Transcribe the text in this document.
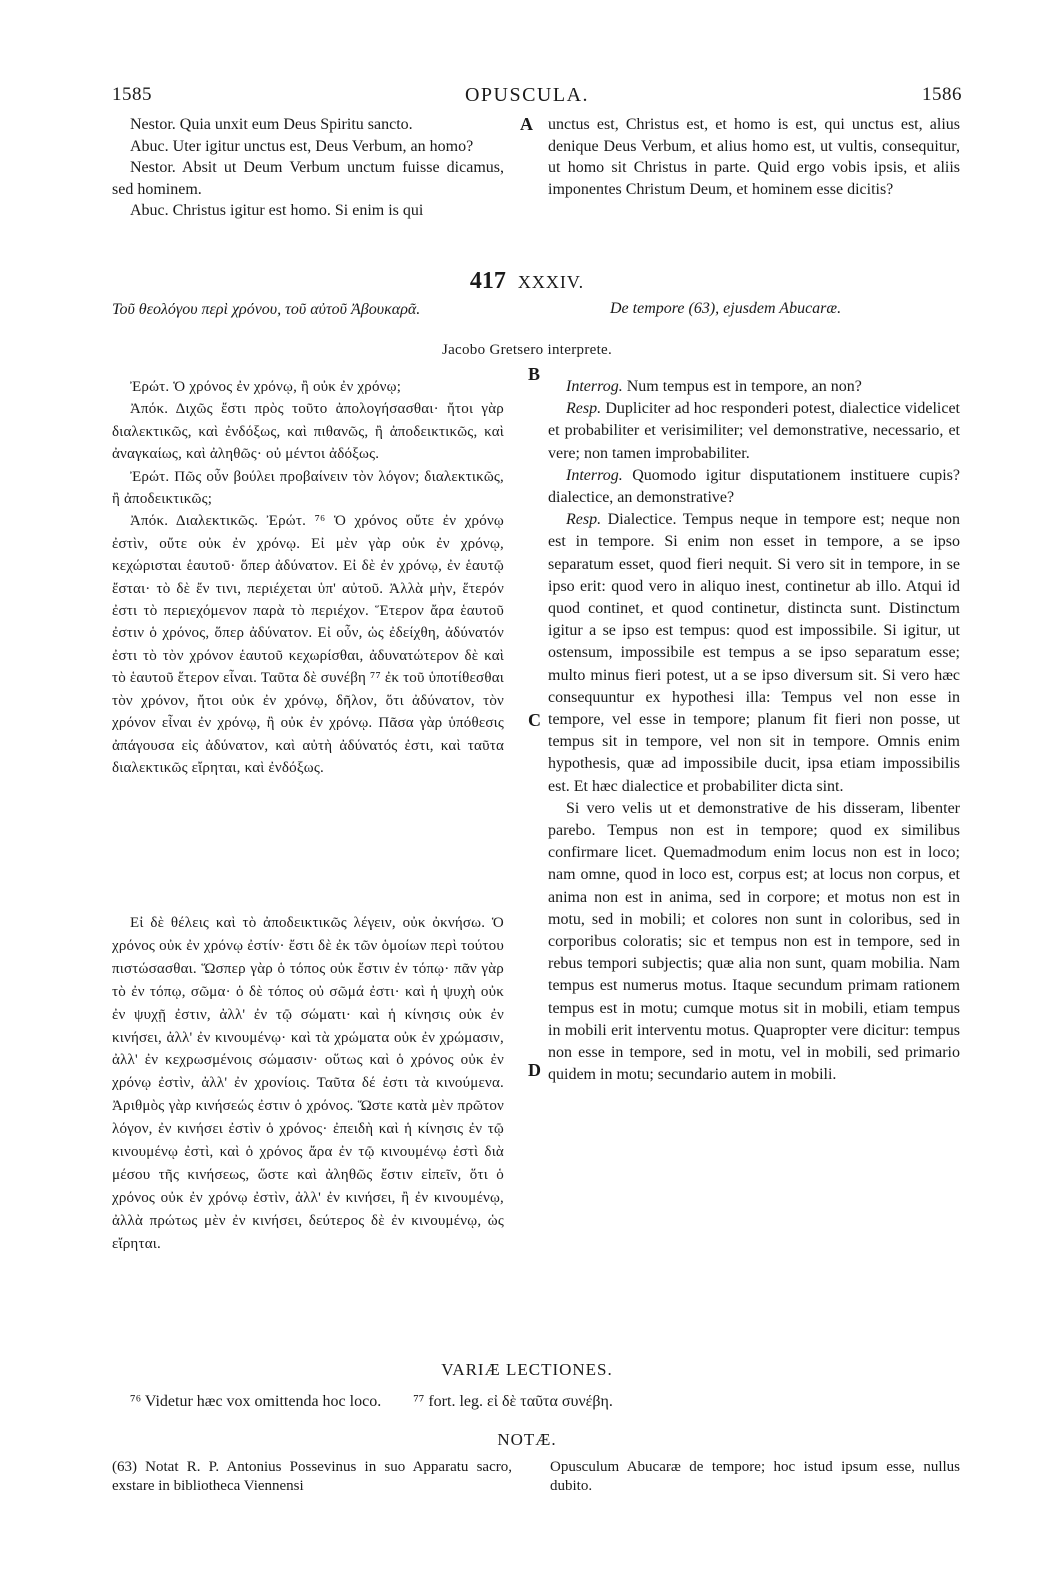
1585	OPUSCULA.	1586

Nestor. Quia unxit eum Deus Spiritu sancto.

Abuc. Uter igitur unctus est, Deus Verbum, an homo?

Nestor. Absit ut Deum Verbum unctum fuisse dicamus, sed hominem.

Abuc. Christus igitur est homo. Si enim is qui

A unctus est, Christus est, et homo is est, qui unctus est, alius denique Deus Verbum, et alius homo est, ut vultis, consequitur, ut homo sit Christus in parte. Quid ergo vobis ipsis, et aliis imponentes Christum Deum, et hominem esse dicitis?

417 XXXIV.
Τοῦ θεολόγου περὶ χρόνου, τοῦ αὐτοῦ Ἀβουκαρᾶ.	De tempore (63), ejusdem Abucaræ.
Jacobo Gretsero interprete.
B
C
D

Ἐρώτ. Ὁ χρόνος ἐν χρόνῳ, ἢ οὐκ ἐν χρόνῳ;

Ἀπόκ. Διχῶς ἔστι πρὸς τοῦτο ἀπολογήσασθαι· ἤτοι γὰρ διαλεκτικῶς, καὶ ἐνδόξως, καὶ πιθανῶς, ἢ ἀποδεικτικῶς, καὶ ἀναγκαίως, καὶ ἀληθῶς· οὐ μέντοι ἀδόξως.

Ἐρώτ. Πῶς οὖν βούλει προβαίνειν τὸν λόγον; διαλεκτικῶς, ἢ ἀποδεικτικῶς;

Ἀπόκ. Διαλεκτικῶς. Ἐρώτ. ⁷⁶ Ὁ χρόνος οὔτε ἐν χρόνῳ ἐστὶν, οὔτε οὐκ ἐν χρόνῳ. Εἰ μὲν γὰρ οὐκ ἐν χρόνῳ, κεχώρισται ἑαυτοῦ· ὅπερ ἀδύνατον. Εἰ δὲ ἐν χρόνῳ, ἐν ἑαυτῷ ἔσται· τὸ δὲ ἔν τινι, περιέχεται ὑπ' αὐτοῦ. Ἀλλὰ μὴν, ἕτερόν ἐστι τὸ περιεχόμενον παρὰ τὸ περιέχον. Ἕτερον ἄρα ἑαυτοῦ ἐστιν ὁ χρόνος, ὅπερ ἀδύνατον. Εἰ οὖν, ὡς ἐδείχθη, ἀδύνατόν ἐστι τὸ τὸν χρόνον ἑαυτοῦ κεχωρίσθαι, ἀδυνατώτερον δὲ καὶ τὸ ἑαυτοῦ ἕτερον εἶναι. Ταῦτα δὲ συνέβη ⁷⁷ ἐκ τοῦ ὑποτίθεσθαι τὸν χρόνον, ἤτοι οὐκ ἐν χρόνῳ, δῆλον, ὅτι ἀδύνατον, τὸν χρόνον εἶναι ἐν χρόνῳ, ἢ οὐκ ἐν χρόνῳ. Πᾶσα γὰρ ὑπόθεσις ἀπάγουσα εἰς ἀδύνατον, καὶ αὐτὴ ἀδύνατός ἐστι, καὶ ταῦτα διαλεκτικῶς εἴρηται, καὶ ἐνδόξως.

Εἰ δὲ θέλεις καὶ τὸ ἀποδεικτικῶς λέγειν, οὐκ ὀκνήσω. Ὁ χρόνος οὐκ ἐν χρόνῳ ἐστίν· ἔστι δὲ ἐκ τῶν ὁμοίων περὶ τούτου πιστώσασθαι. Ὥσπερ γὰρ ὁ τόπος οὐκ ἔστιν ἐν τόπῳ· πᾶν γὰρ τὸ ἐν τόπῳ, σῶμα· ὁ δὲ τόπος οὐ σῶμά ἐστι· καὶ ἡ ψυχὴ οὐκ ἐν ψυχῇ ἐστιν, ἀλλ' ἐν τῷ σώματι· καὶ ἡ κίνησις οὐκ ἐν κινήσει, ἀλλ' ἐν κινουμένῳ· καὶ τὰ χρώματα οὐκ ἐν χρώμασιν, ἀλλ' ἐν κεχρωσμένοις σώμασιν· οὕτως καὶ ὁ χρόνος οὐκ ἐν χρόνῳ ἐστὶν, ἀλλ' ἐν χρονίοις. Ταῦτα δέ ἐστι τὰ κινούμενα. Ἀριθμὸς γὰρ κινήσεώς ἐστιν ὁ χρόνος. Ὥστε κατὰ μὲν πρῶτον λόγον, ἐν κινήσει ἐστὶν ὁ χρόνος· ἐπειδὴ καὶ ἡ κίνησις ἐν τῷ κινουμένῳ ἐστὶ, καὶ ὁ χρόνος ἄρα ἐν τῷ κινουμένῳ ἐστὶ διὰ μέσου τῆς κινήσεως, ὥστε καὶ ἀληθῶς ἔστιν εἰπεῖν, ὅτι ὁ χρόνος οὐκ ἐν χρόνῳ ἐστὶν, ἀλλ' ἐν κινήσει, ἢ ἐν κινουμένῳ, ἀλλὰ πρώτως μὲν ἐν κινήσει, δεύτερος δὲ ἐν κινουμένῳ, ὡς εἴρηται.

Interrog. Num tempus est in tempore, an non?

Resp. Dupliciter ad hoc responderi potest, dialectice videlicet et probabiliter et verisimiliter; vel demonstrative, necessario, et vere; non tamen improbabiliter.

Interrog. Quomodo igitur disputationem instituere cupis? dialectice, an demonstrative?

Resp. Dialectice. Tempus neque in tempore est; neque non est in tempore. Si enim non esset in tempore, a se ipso separatum esset, quod fieri nequit. Si vero sit in tempore, in se ipso erit: quod vero in aliquo inest, continetur ab illo. Atqui id quod continet, et quod continetur, distincta sunt. Distinctum igitur a se ipso est tempus: quod est impossibile. Si igitur, ut ostensum, impossibile est tempus a se ipso separatum esse; multo minus fieri potest, ut a se ipso diversum sit. Si vero hæc consequuntur ex hypothesi illa: Tempus vel non esse in tempore, vel esse in tempore; planum fit fieri non posse, ut tempus sit in tempore, vel non sit in tempore. Omnis enim hypothesis, quæ ad impossibile ducit, ipsa etiam impossibilis est. Et hæc dialectice et probabiliter dicta sint.

Si vero velis ut et demonstrative de his disseram, libenter parebo. Tempus non est in tempore; quod ex similibus confirmare licet. Quemadmodum enim locus non est in loco; nam omne, quod in loco est, corpus est; at locus non corpus, et anima non est in anima, sed in corpore; et motus non est in motu, sed in mobili; et colores non sunt in coloribus, sed in corporibus coloratis; sic et tempus non est in tempore, sed in rebus tempori subjectis; quæ alia non sunt, quam mobilia. Nam tempus est numerus motus. Itaque secundum primam rationem tempus est in motu; cumque motus sit in mobili, etiam tempus in mobili erit interventu motus. Quapropter vere dicitur: tempus non esse in tempore, sed in motu, vel in mobili, sed primario quidem in motu; secundario autem in mobili.

VARIÆ LECTIONES.
⁷⁶ Videtur hæc vox omittenda hoc loco. ⁷⁷ fort. leg. εἰ δὲ ταῦτα συνέβη.
NOTÆ.
(63) Notat R. P. Antonius Possevinus in suo Apparatu sacro, exstare in bibliotheca Viennensi
Opusculum Abucaræ de tempore; hoc istud ipsum esse, nullus dubito.
